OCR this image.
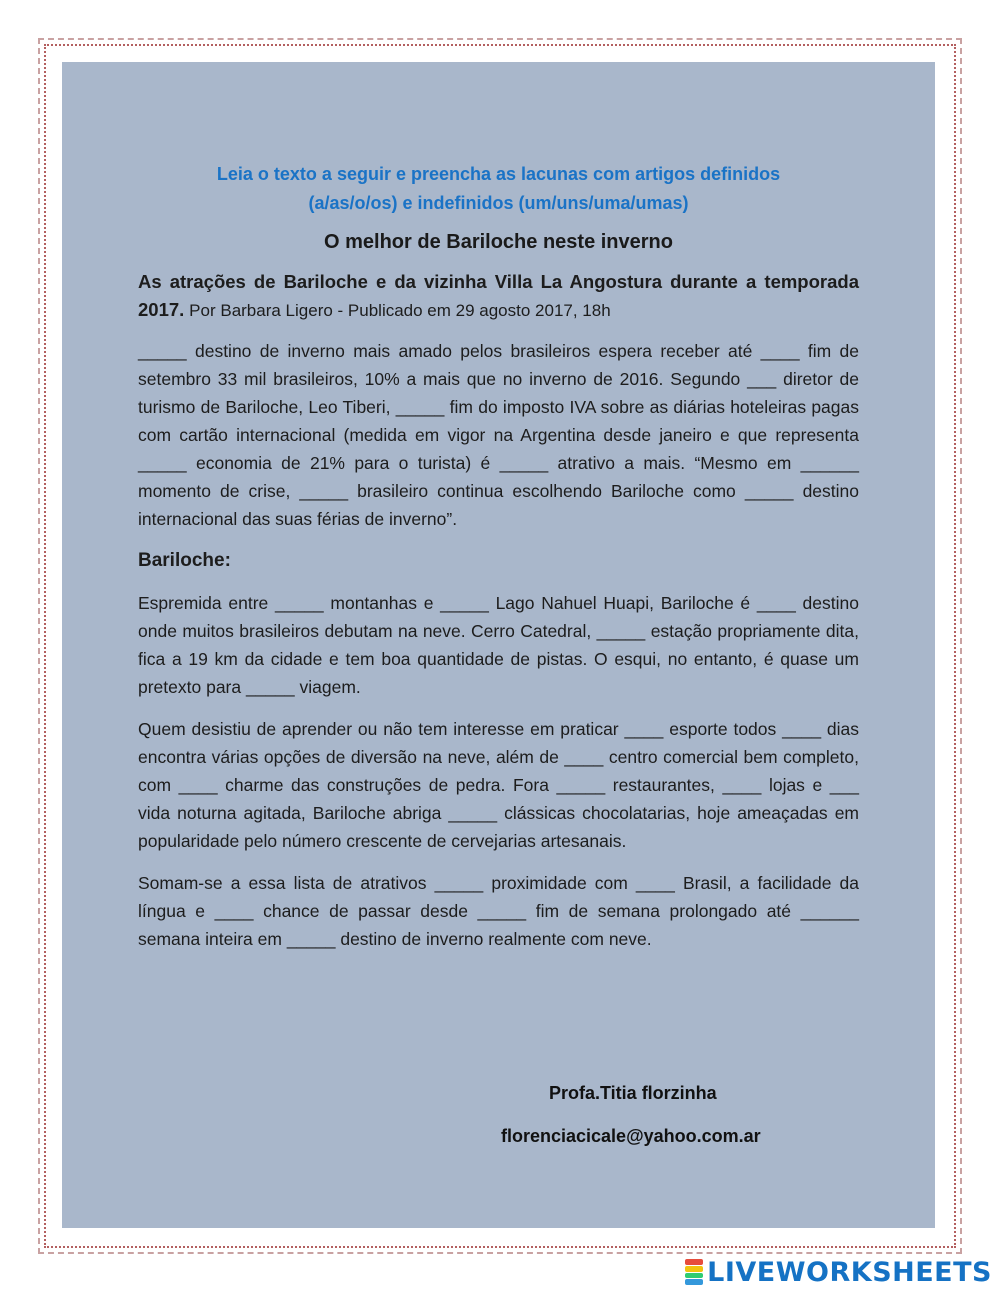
Leia o texto a seguir e preencha as lacunas com artigos definidos
(a/as/o/os) e indefinidos (um/uns/uma/umas)
O melhor de Bariloche neste inverno
As atrações de Bariloche e da vizinha Villa La Angostura durante a temporada 2017. Por Barbara Ligero - Publicado em 29 agosto 2017, 18h

_____ destino de inverno mais amado pelos brasileiros espera receber até ____ fim de setembro 33 mil brasileiros, 10% a mais que no inverno de 2016. Segundo ___ diretor de turismo de Bariloche, Leo Tiberi, _____ fim do imposto IVA sobre as diárias hoteleiras pagas com cartão internacional (medida em vigor na Argentina desde janeiro e que representa _____ economia de 21% para o turista) é _____ atrativo a mais. “Mesmo em ______ momento de crise, _____ brasileiro continua escolhendo Bariloche como _____ destino internacional das suas férias de inverno”.

Bariloche:

Espremida entre _____ montanhas e _____ Lago Nahuel Huapi, Bariloche é ____ destino onde muitos brasileiros debutam na neve. Cerro Catedral, _____ estação propriamente dita, fica a 19 km da cidade e tem boa quantidade de pistas. O esqui, no entanto, é quase um pretexto para _____ viagem.

Quem desistiu de aprender ou não tem interesse em praticar ____ esporte todos ____ dias encontra várias opções de diversão na neve, além de ____ centro comercial bem completo, com ____ charme das construções de pedra. Fora _____ restaurantes, ____ lojas e ___ vida noturna agitada, Bariloche abriga _____ clássicas chocolatarias, hoje ameaçadas em popularidade pelo número crescente de cervejarias artesanais.

Somam-se a essa lista de atrativos _____ proximidade com ____ Brasil, a facilidade da língua e ____ chance de passar desde _____ fim de semana prolongado até ______ semana inteira em _____ destino de inverno realmente com neve.

Profa.Titia florzinha
florenciacicale@yahoo.com.ar
LIVEWORKSHEETS
